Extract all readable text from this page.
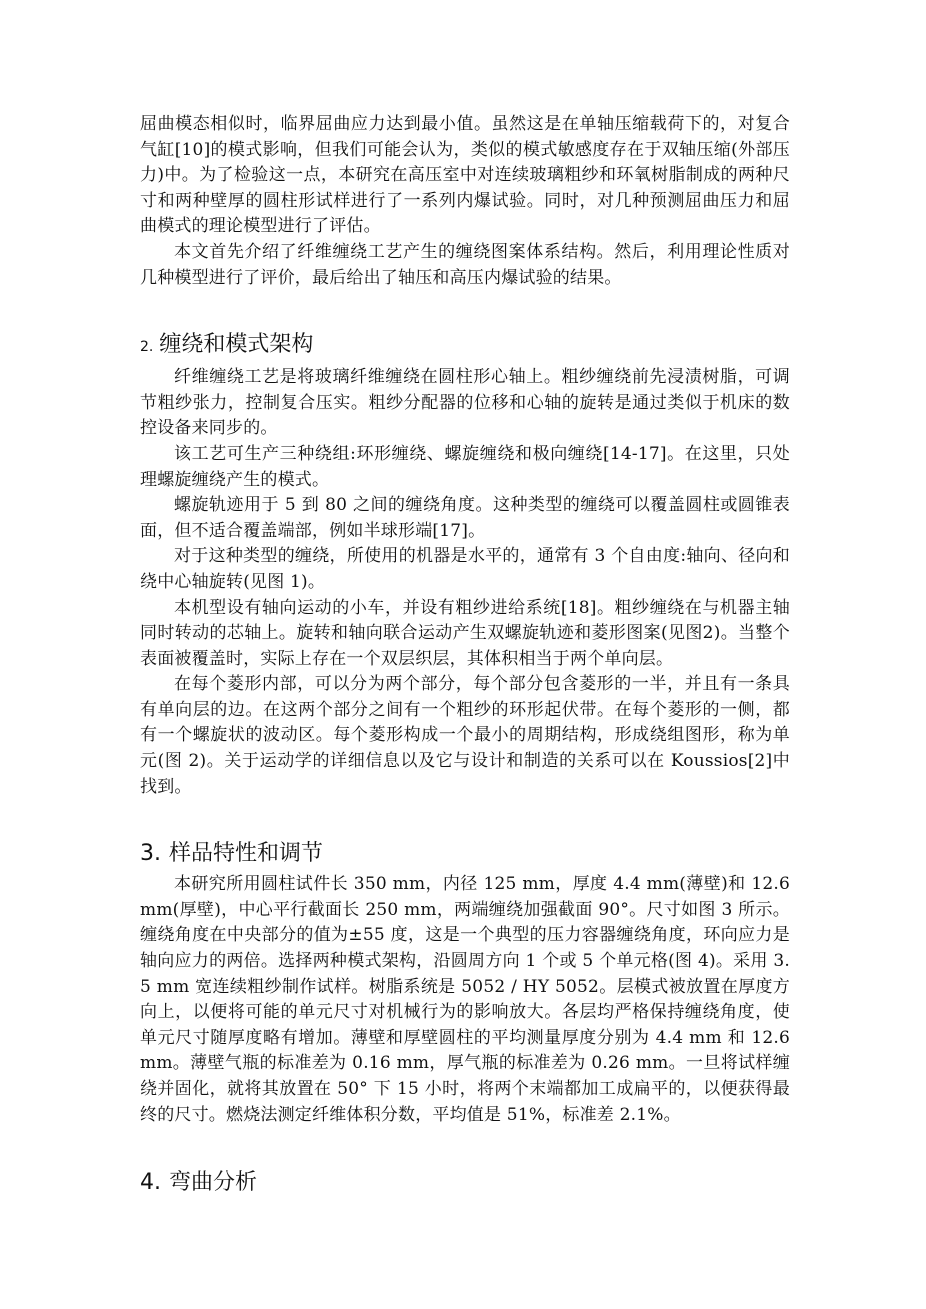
屈曲模态相似时，临界屈曲应力达到最小值。虽然这是在单轴压缩载荷下的，对复合气缸[10]的模式影响，但我们可能会认为，类似的模式敏感度存在于双轴压缩(外部压力)中。为了检验这一点，本研究在高压室中对连续玻璃粗纱和环氧树脂制成的两种尺寸和两种壁厚的圆柱形试样进行了一系列内爆试验。同时，对几种预测屈曲压力和屈曲模式的理论模型进行了评估。

本文首先介绍了纤维缠绕工艺产生的缠绕图案体系结构。然后，利用理论性质对几种模型进行了评价，最后给出了轴压和高压内爆试验的结果。

2. 缠绕和模式架构

纤维缠绕工艺是将玻璃纤维缠绕在圆柱形心轴上。粗纱缠绕前先浸渍树脂，可调节粗纱张力，控制复合压实。粗纱分配器的位移和心轴的旋转是通过类似于机床的数控设备来同步的。

该工艺可生产三种绕组:环形缠绕、螺旋缠绕和极向缠绕[14-17]。在这里，只处理螺旋缠绕产生的模式。

螺旋轨迹用于 5 到 80 之间的缠绕角度。这种类型的缠绕可以覆盖圆柱或圆锥表面，但不适合覆盖端部，例如半球形端[17]。

对于这种类型的缠绕，所使用的机器是水平的，通常有 3 个自由度:轴向、径向和绕中心轴旋转(见图 1)。

本机型设有轴向运动的小车，并设有粗纱进给系统[18]。粗纱缠绕在与机器主轴同时转动的芯轴上。旋转和轴向联合运动产生双螺旋轨迹和菱形图案(见图2)。当整个表面被覆盖时，实际上存在一个双层织层，其体积相当于两个单向层。

在每个菱形内部，可以分为两个部分，每个部分包含菱形的一半，并且有一条具有单向层的边。在这两个部分之间有一个粗纱的环形起伏带。在每个菱形的一侧，都有一个螺旋状的波动区。每个菱形构成一个最小的周期结构，形成绕组图形，称为单元(图 2)。关于运动学的详细信息以及它与设计和制造的关系可以在 Koussios[2]中找到。

3. 样品特性和调节

本研究所用圆柱试件长 350 mm，内径 125 mm，厚度 4.4 mm(薄壁)和 12.6 mm(厚壁)，中心平行截面长 250 mm，两端缠绕加强截面 90°。尺寸如图 3 所示。缠绕角度在中央部分的值为±55 度，这是一个典型的压力容器缠绕角度，环向应力是轴向应力的两倍。选择两种模式架构，沿圆周方向 1 个或 5 个单元格(图 4)。采用 3.5 mm 宽连续粗纱制作试样。树脂系统是 5052 / HY 5052。层模式被放置在厚度方向上，以便将可能的单元尺寸对机械行为的影响放大。各层均严格保持缠绕角度，使单元尺寸随厚度略有增加。薄壁和厚壁圆柱的平均测量厚度分别为 4.4 mm 和 12.6 mm。薄壁气瓶的标准差为 0.16 mm，厚气瓶的标准差为 0.26 mm。一旦将试样缠绕并固化，就将其放置在 50° 下 15 小时，将两个末端都加工成扁平的，以便获得最终的尺寸。燃烧法测定纤维体积分数，平均值是 51%，标准差 2.1%。

4. 弯曲分析
